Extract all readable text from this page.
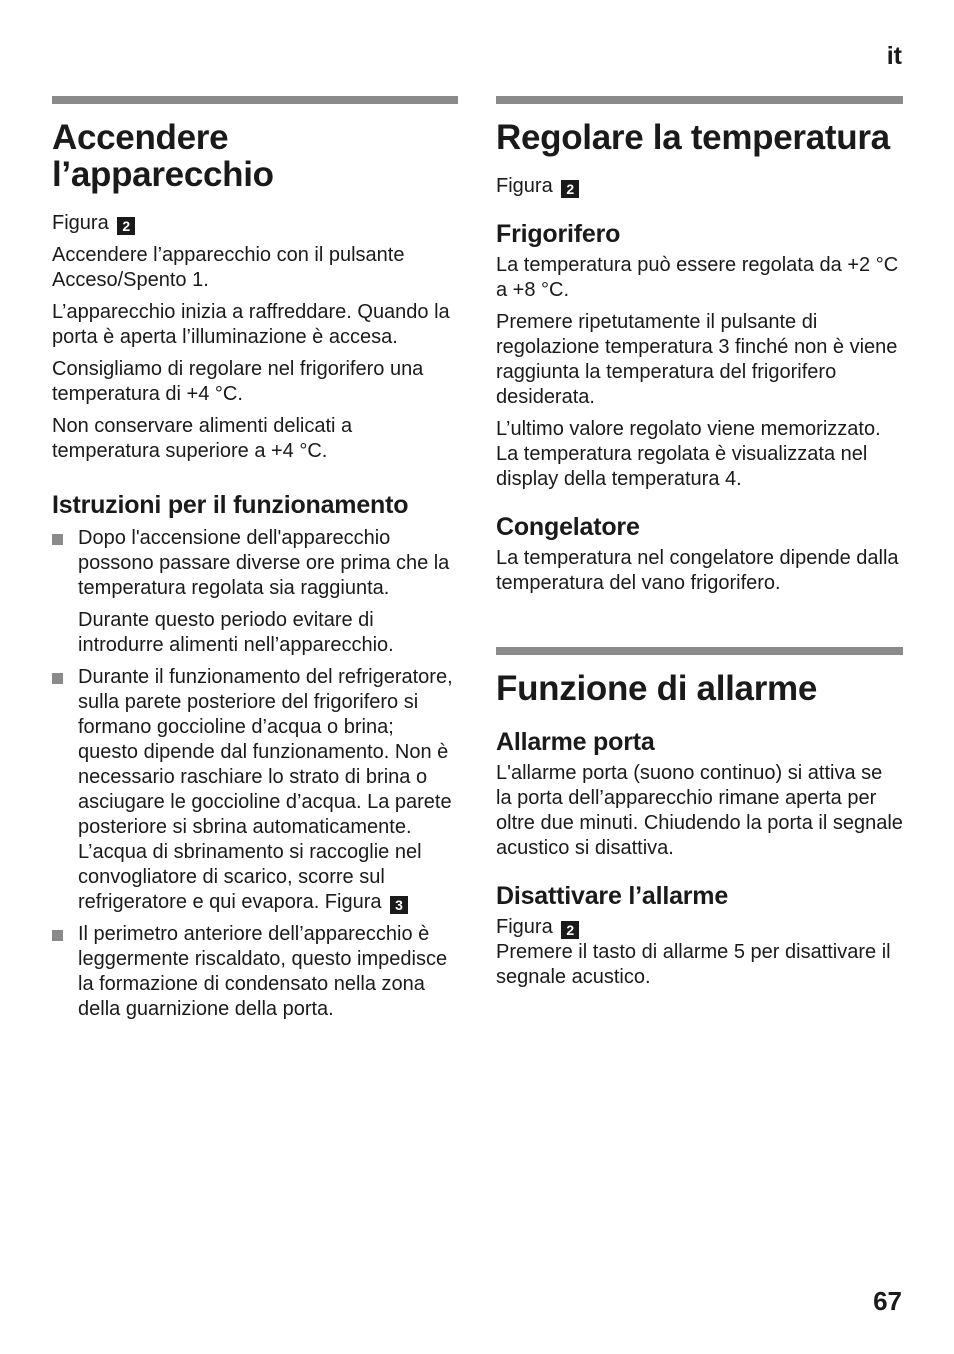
it
Accendere l’apparecchio

Figura 2

Accendere l’apparecchio con il pulsante Acceso/Spento 1.

L’apparecchio inizia a raffreddare. Quando la porta è aperta l’illuminazione è accesa.

Consigliamo di regolare nel frigorifero una temperatura di +4 °C.

Non conservare alimenti delicati a temperatura superiore a +4 °C.

Istruzioni per il funzionamento

Dopo l'accensione dell'apparecchio possono passare diverse ore prima che la temperatura regolata sia raggiunta.

Durante questo periodo evitare di introdurre alimenti nell’apparecchio.

Durante il funzionamento del refrigeratore, sulla parete posteriore del frigorifero si formano goccioline d’acqua o brina; questo dipende dal funzionamento. Non è necessario raschiare lo strato di brina o asciugare le goccioline d’acqua. La parete posteriore si sbrina automaticamente. L’acqua di sbrinamento si raccoglie nel convogliatore di scarico, scorre sul refrigeratore e qui evapora. Figura 3

Il perimetro anteriore dell’apparecchio è leggermente riscaldato, questo impedisce la formazione di condensato nella zona della guarnizione della porta.

Regolare la temperatura

Figura 2

Frigorifero

La temperatura può essere regolata da +2 °C a +8 °C.

Premere ripetutamente il pulsante di regolazione temperatura 3 finché non è viene raggiunta la temperatura del frigorifero desiderata.

L’ultimo valore regolato viene memorizzato. La temperatura regolata è visualizzata nel display della temperatura 4.

Congelatore

La temperatura nel congelatore dipende dalla temperatura del vano frigorifero.

Funzione di allarme
Allarme porta

L'allarme porta (suono continuo) si attiva se la porta dell’apparecchio rimane aperta per oltre due minuti. Chiudendo la porta il segnale acustico si disattiva.

Disattivare l’allarme

Figura 2
Premere il tasto di allarme 5 per disattivare il segnale acustico.

67
